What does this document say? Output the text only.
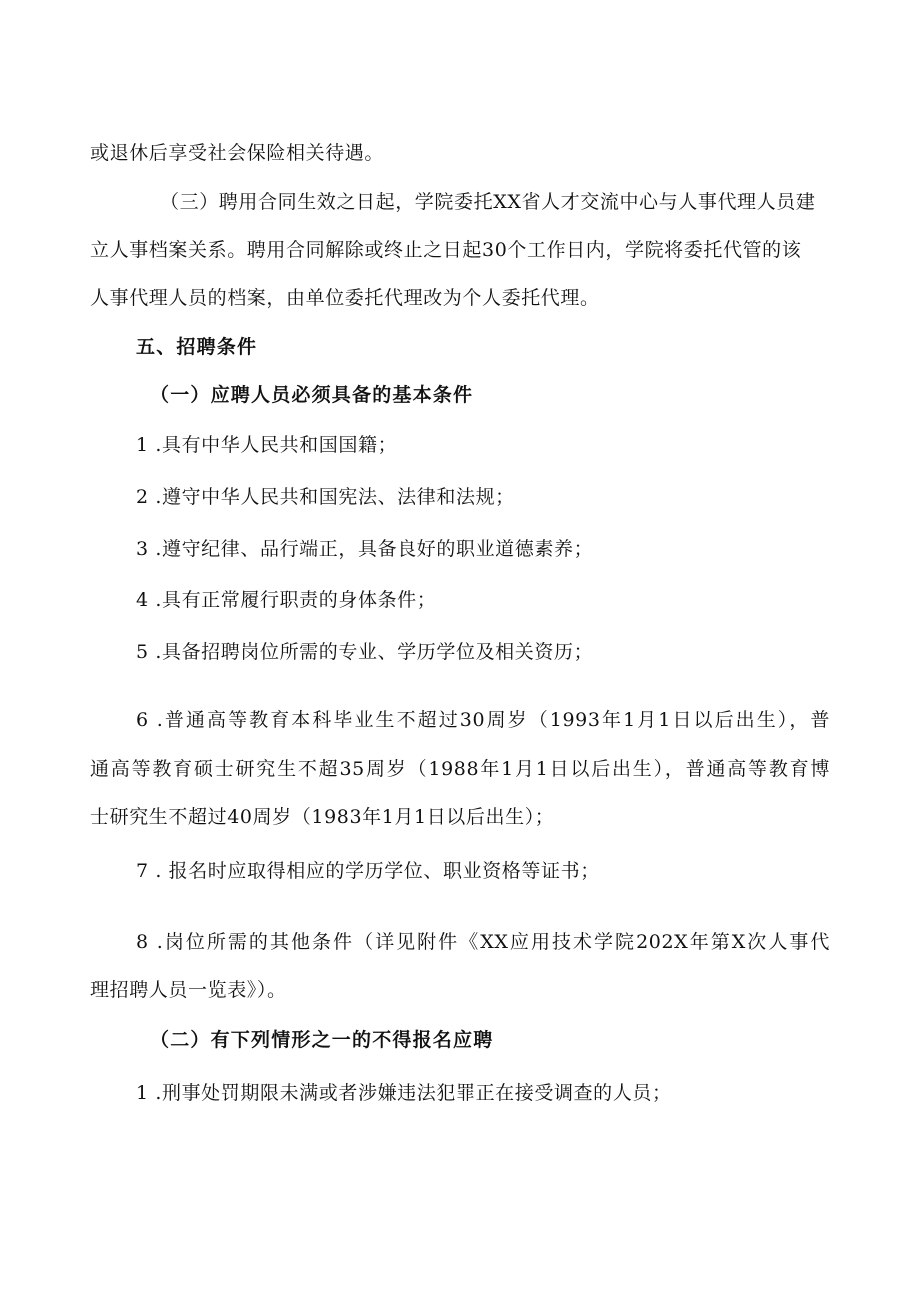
或退休后享受社会保险相关待遇。
（三）聘用合同生效之日起，学院委托XX省人才交流中心与人事代理人员建
立人事档案关系。聘用合同解除或终止之日起30个工作日内，学院将委托代管的该
人事代理人员的档案，由单位委托代理改为个人委托代理。
五、招聘条件
（一）应聘人员必须具备的基本条件
1 .具有中华人民共和国国籍；
2 .遵守中华人民共和国宪法、法律和法规；
3 .遵守纪律、品行端正，具备良好的职业道德素养；
4 .具有正常履行职责的身体条件；
5 .具备招聘岗位所需的专业、学历学位及相关资历；
6 .普通高等教育本科毕业生不超过30周岁（1993年1月1日以后出生），普
通高等教育硕士研究生不超35周岁（1988年1月1日以后出生），普通高等教育博
士研究生不超过40周岁（1983年1月1日以后出生）；
7 . 报名时应取得相应的学历学位、职业资格等证书；
8 .岗位所需的其他条件（详见附件《XX应用技术学院202X年第X次人事代
理招聘人员一览表》）。
（二）有下列情形之一的不得报名应聘
1 .刑事处罚期限未满或者涉嫌违法犯罪正在接受调查的人员；
